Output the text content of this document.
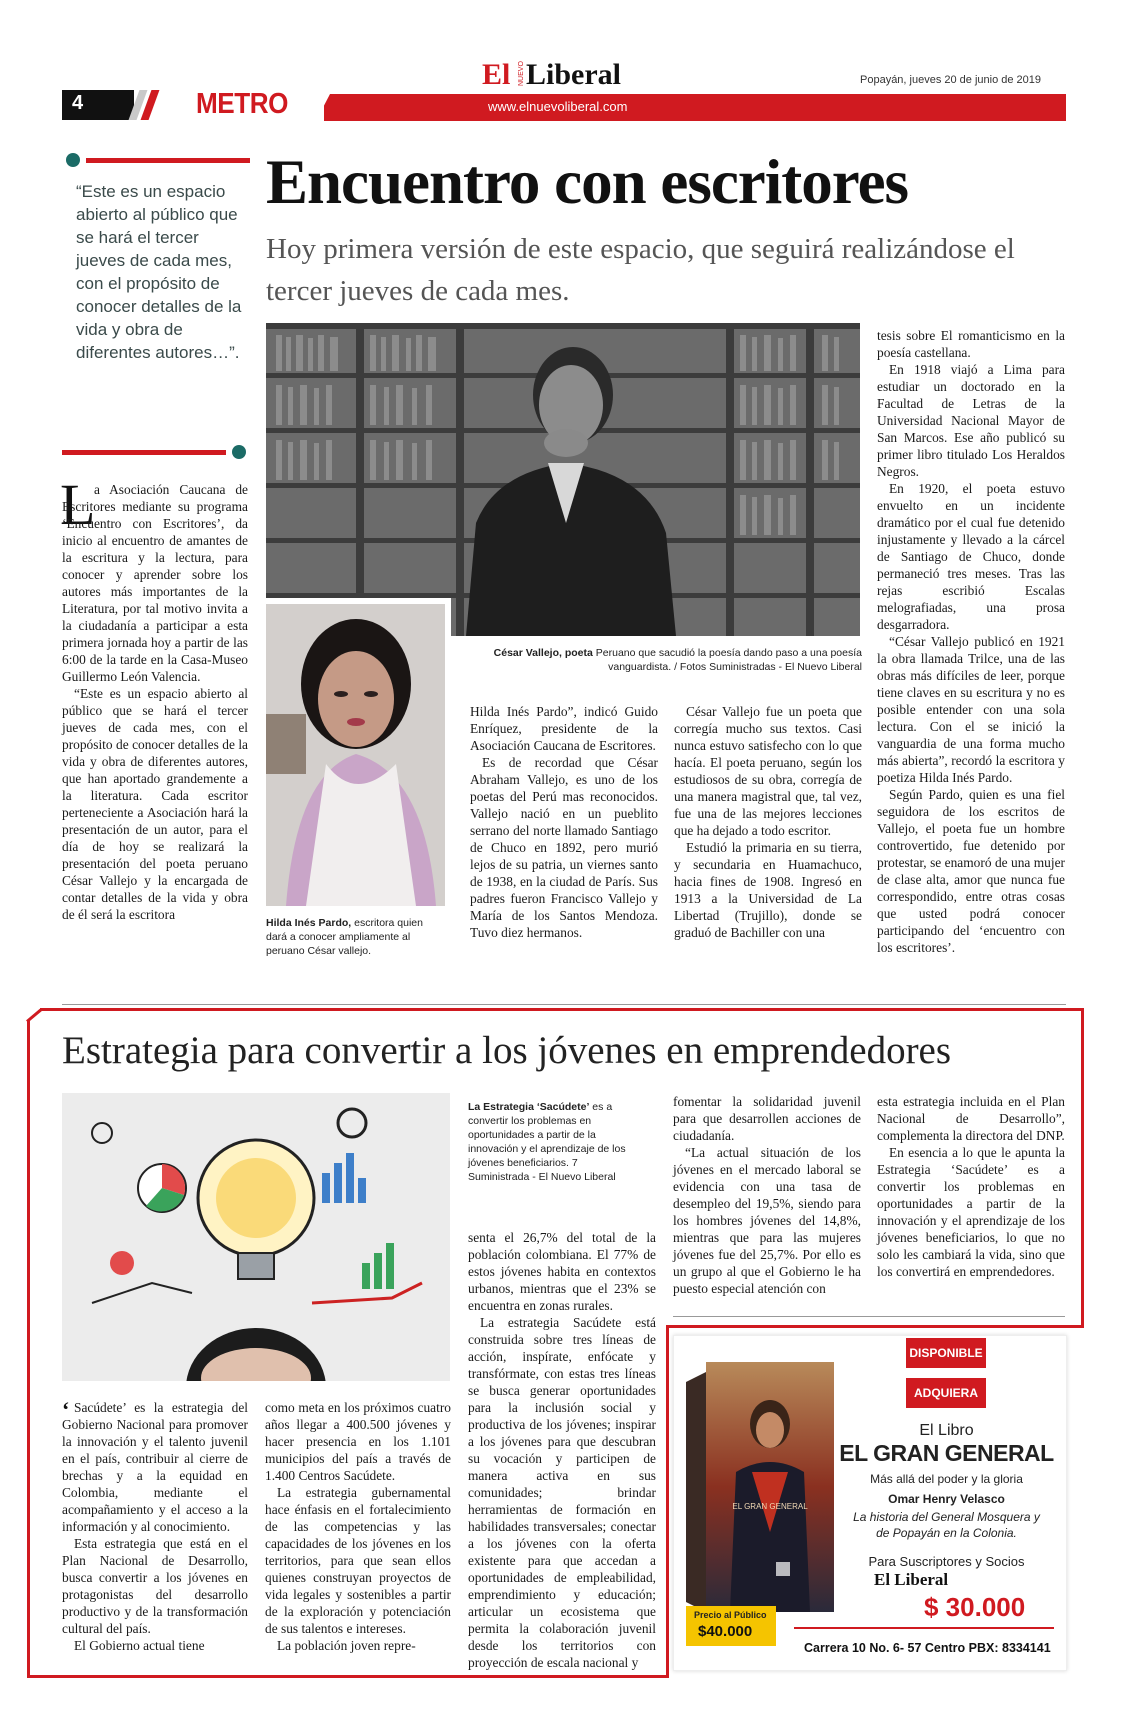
4	METRO
El NUEVO Liberal	Popayán, jueves 20 de junio de 2019
www.elnuevoliberal.com
“Este es un espacio abierto al público que se hará el tercer jueves de cada mes, con el propósito de conocer detalles de la vida y obra de diferentes autores…”.
Encuentro con escritores
Hoy primera versión de este espacio, que seguirá realizándose el tercer jueves de cada mes.
César Vallejo, poeta Peruano que sacudió la poesía dando paso a una poesía vanguardista. / Fotos Suministradas - El Nuevo Liberal
Hilda Inés Pardo, escritora quien dará a conocer ampliamente al peruano César vallejo.
L

a Asociación Caucana de Escritores mediante su programa ‘Encuentro con Escritores’, da inicio al encuentro de amantes de la escritura y la lectura, para conocer y aprender sobre los autores más importantes de la Literatura, por tal motivo invita a la ciudadanía a participar a esta primera jornada hoy a partir de las 6:00 de la tarde en la Casa-Museo Guillermo León Valencia.

“Este es un espacio abierto al público que se hará el tercer jueves de cada mes, con el propósito de conocer detalles de la vida y obra de diferentes autores, que han aportado grandemente a la literatura. Cada escritor perteneciente a Asociación hará la presentación de un autor, para el día de hoy se realizará la presentación del poeta peruano César Vallejo y la encargada de contar detalles de la vida y obra de él será la escritora

Hilda Inés Pardo”, indicó Guido Enríquez, presidente de la Asociación Caucana de Escritores.

Es de recordad que César Abraham Vallejo, es uno de los poetas del Perú mas reconocidos. Vallejo nació en un pueblito serrano del norte llamado Santiago de Chuco en 1892, pero murió lejos de su patria, un viernes santo de 1938, en la ciudad de París. Sus padres fueron Francisco Vallejo y María de los Santos Mendoza. Tuvo diez hermanos.

César Vallejo fue un poeta que corregía mucho sus textos. Casi nunca estuvo satisfecho con lo que hacía. El poeta peruano, según los estudiosos de su obra, corregía de una manera magistral que, tal vez, fue una de las mejores lecciones que ha dejado a todo escritor.

Estudió la primaria en su tierra, y secundaria en Huamachuco, hacia fines de 1908. Ingresó en 1913 a la Universidad de La Libertad (Trujillo), donde se graduó de Bachiller con una

tesis sobre El romanticismo en la poesía castellana.

En 1918 viajó a Lima para estudiar un doctorado en la Facultad de Letras de la Universidad Nacional Mayor de San Marcos. Ese año publicó su primer libro titulado Los Heraldos Negros.

En 1920, el poeta estuvo envuelto en un incidente dramático por el cual fue detenido injustamente y llevado a la cárcel de Santiago de Chuco, donde permaneció tres meses. Tras las rejas escribió Escalas melografiadas, una prosa desgarradora.

“César Vallejo publicó en 1921 la obra llamada Trilce, una de las obras más difíciles de leer, porque tiene claves en su escritura y no es posible entender con una sola lectura. Con el se inició la vanguardia de una forma mucho más abierta”, recordó la escritora y poetiza Hilda Inés Pardo.

Según Pardo, quien es una fiel seguidora de los escritos de Vallejo, el poeta fue un hombre controvertido, fue detenido por protestar, se enamoró de una mujer de clase alta, amor que nunca fue correspondido, entre otras cosas que usted podrá conocer participando del ‘encuentro con los escritores’.

Estrategia para convertir a los jóvenes en emprendedores
La Estrategia ‘Sacúdete’ es a convertir los problemas en oportunidades a partir de la innovación y el aprendizaje de los jóvenes beneficiarios. 7 Suministrada - El Nuevo Liberal
‘ Sacúdete’ es la estrategia del Gobierno Nacional para promover la innovación y el talento juvenil en el país, contribuir al cierre de brechas y a la equidad en Colombia, mediante el acompañamiento y el acceso a la información y al conocimiento.

Esta estrategia que está en el Plan Nacional de Desarrollo, busca convertir a los jóvenes en protagonistas del desarrollo productivo y de la transformación cultural del país.

El Gobierno actual tiene

como meta en los próximos cuatro años llegar a 400.500 jóvenes y hacer presencia en los 1.101 municipios del país a través de 1.400 Centros Sacúdete.

La estrategia gubernamental hace énfasis en el fortalecimiento de las competencias y las capacidades de los jóvenes en los territorios, para que sean ellos quienes construyan proyectos de vida legales y sostenibles a partir de la exploración y potenciación de sus talentos e intereses.

La población joven repre-

senta el 26,7% del total de la población colombiana. El 77% de estos jóvenes habita en contextos urbanos, mientras que el 23% se encuentra en zonas rurales.

La estrategia Sacúdete está construida sobre tres líneas de acción, inspírate, enfócate y transfórmate, con estas tres líneas se busca generar oportunidades para la inclusión social y productiva de los jóvenes; inspirar a los jóvenes para que descubran su vocación y participen de manera activa en sus comunidades; brindar herramientas de formación en habilidades transversales; conectar a los jóvenes con la oferta existente para que accedan a oportunidades de empleabilidad, emprendimiento y educación; articular un ecosistema que permita la colaboración juvenil desde los territorios con proyección de escala nacional y

fomentar la solidaridad juvenil para que desarrollen acciones de ciudadanía.

“La actual situación de los jóvenes en el mercado laboral se evidencia con una tasa de desempleo del 19,5%, siendo para los hombres jóvenes del 14,8%, mientras que para las mujeres jóvenes fue del 25,7%. Por ello es un grupo al que el Gobierno le ha puesto especial atención con

esta estrategia incluida en el Plan Nacional de Desarrollo”, complementa la directora del DNP.

En esencia a lo que le apunta la Estrategia ‘Sacúdete’ es a convertir los problemas en oportunidades a partir de la innovación y el aprendizaje de los jóvenes beneficiarios, lo que no solo les cambiará la vida, sino que los convertirá en emprendedores.

EL GRAN GENERAL
Precio al Público
$40.000
DISPONIBLE
ADQUIERA
El Libro
EL GRAN GENERAL
Más allá del poder y la gloria
Omar Henry Velasco
La historia del General Mosquera y
de Popayán en la Colonia.
Para Suscriptores y Socios
El Liberal
$ 30.000
Carrera 10 No. 6- 57 Centro PBX: 8334141
